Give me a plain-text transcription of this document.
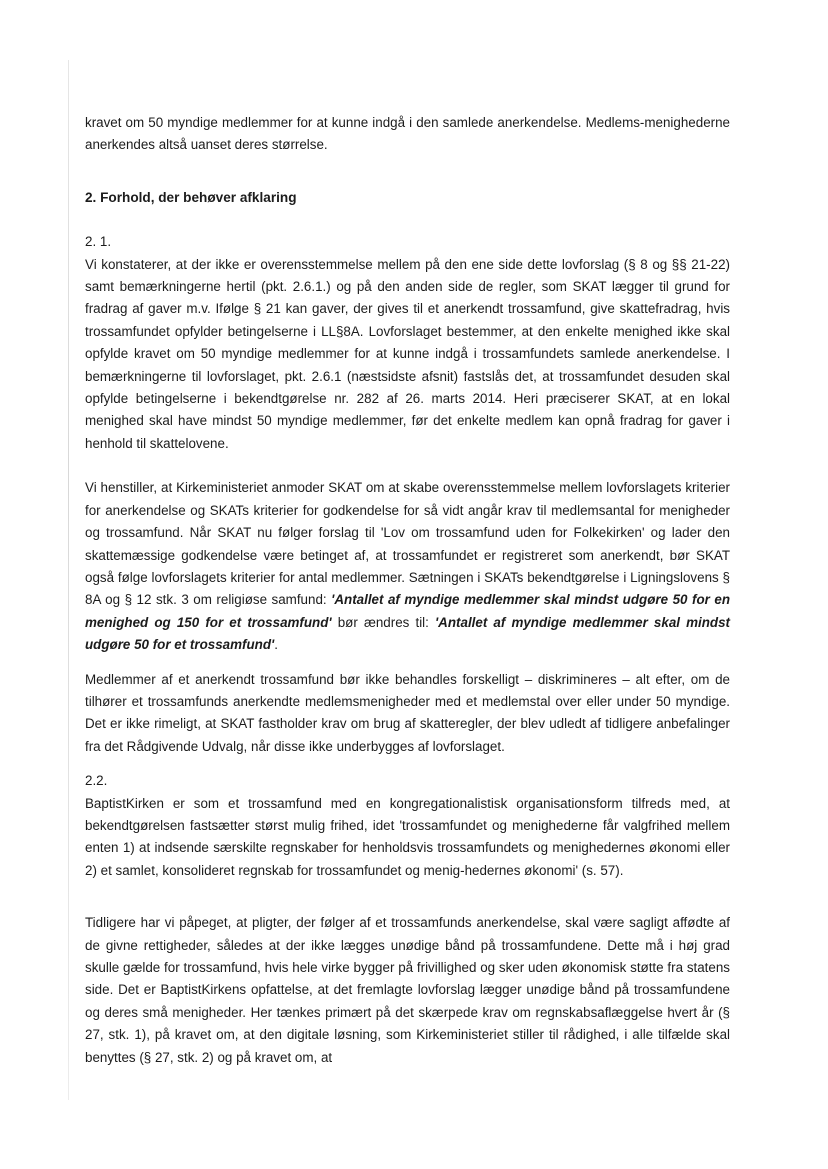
kravet om 50 myndige medlemmer for at kunne indgå i den samlede anerkendelse. Medlems-menighederne anerkendes altså uanset deres størrelse.

2. Forhold, der behøver afklaring

2. 1.

Vi konstaterer, at der ikke er overensstemmelse mellem på den ene side dette lovforslag (§ 8 og §§ 21-22) samt bemærkningerne hertil (pkt. 2.6.1.) og på den anden side de regler, som SKAT lægger til grund for fradrag af gaver m.v. Ifølge § 21 kan gaver, der gives til et anerkendt trossamfund, give skattefradrag, hvis trossamfundet opfylder betingelserne i LL§8A. Lovforslaget bestemmer, at den enkelte menighed ikke skal opfylde kravet om 50 myndige medlemmer for at kunne indgå i trossamfundets samlede anerkendelse. I bemærkningerne til lovforslaget, pkt. 2.6.1 (næstsidste afsnit) fastslås det, at trossamfundet desuden skal opfylde betingelserne i bekendtgørelse nr. 282 af 26. marts 2014. Heri præciserer SKAT, at en lokal menighed skal have mindst 50 myndige medlemmer, før det enkelte medlem kan opnå fradrag for gaver i henhold til skattelovene.

Vi henstiller, at Kirkeministeriet anmoder SKAT om at skabe overensstemmelse mellem lovforslagets kriterier for anerkendelse og SKATs kriterier for godkendelse for så vidt angår krav til medlemsantal for menigheder og trossamfund. Når SKAT nu følger forslag til 'Lov om trossamfund uden for Folkekirken' og lader den skattemæssige godkendelse være betinget af, at trossamfundet er registreret som anerkendt, bør SKAT også følge lovforslagets kriterier for antal medlemmer. Sætningen i SKATs bekendtgørelse i Ligningslovens § 8A og § 12 stk. 3 om religiøse samfund: 'Antallet af myndige medlemmer skal mindst udgøre 50 for en menighed og 150 for et trossamfund' bør ændres til: 'Antallet af myndige medlemmer skal mindst udgøre 50 for et trossamfund'.

Medlemmer af et anerkendt trossamfund bør ikke behandles forskelligt – diskrimineres – alt efter, om de tilhører et trossamfunds anerkendte medlemsmenigheder med et medlemstal over eller under 50 myndige. Det er ikke rimeligt, at SKAT fastholder krav om brug af skatteregler, der blev udledt af tidligere anbefalinger fra det Rådgivende Udvalg, når disse ikke underbygges af lovforslaget.

2.2.

BaptistKirken er som et trossamfund med en kongregationalistisk organisationsform tilfreds med, at bekendtgørelsen fastsætter størst mulig frihed, idet 'trossamfundet og menighederne får valgfrihed mellem enten 1) at indsende særskilte regnskaber for henholdsvis trossamfundets og menighedernes økonomi eller 2) et samlet, konsolideret regnskab for trossamfundet og menig-hedernes økonomi' (s. 57).

Tidligere har vi påpeget, at pligter, der følger af et trossamfunds anerkendelse, skal være sagligt affødte af de givne rettigheder, således at der ikke lægges unødige bånd på trossamfundene. Dette må i høj grad skulle gælde for trossamfund, hvis hele virke bygger på frivillighed og sker uden økonomisk støtte fra statens side. Det er BaptistKirkens opfattelse, at det fremlagte lovforslag lægger unødige bånd på trossamfundene og deres små menigheder. Her tænkes primært på det skærpede krav om regnskabsaflæggelse hvert år (§ 27, stk. 1), på kravet om, at den digitale løsning, som Kirkeministeriet stiller til rådighed, i alle tilfælde skal benyttes (§ 27, stk. 2) og på kravet om, at
